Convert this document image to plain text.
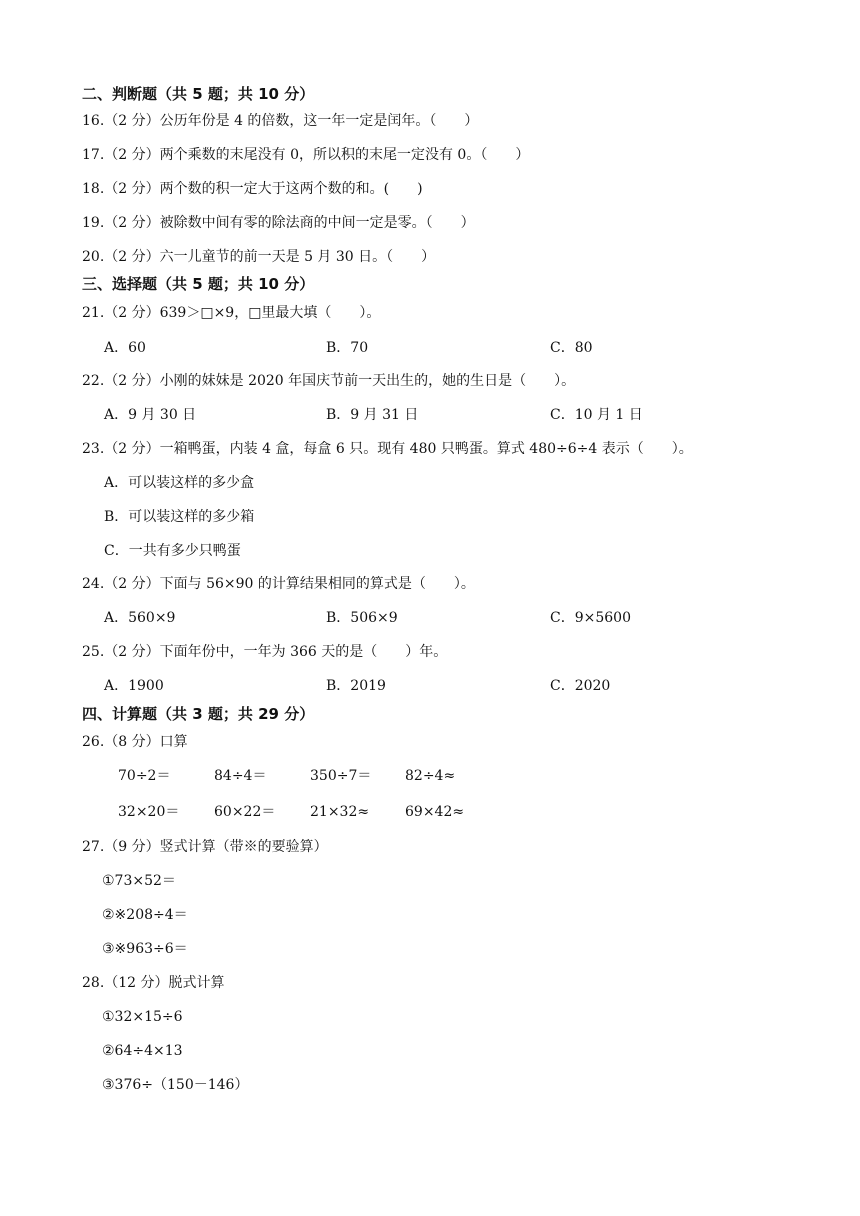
二、判断题（共 5 题；共 10 分）
16.（2 分）公历年份是 4 的倍数，这一年一定是闰年。（　　）
17.（2 分）两个乘数的末尾没有 0，所以积的末尾一定没有 0。（　　）
18.（2 分）两个数的积一定大于这两个数的和。(　　)
19.（2 分）被除数中间有零的除法商的中间一定是零。（　　）
20.（2 分）六一儿童节的前一天是 5 月 30 日。（　　）
三、选择题（共 5 题；共 10 分）
21.（2 分）639＞□×9，□里最大填（　　）。
A．60	B．70	C．80
22.（2 分）小刚的妹妹是 2020 年国庆节前一天出生的，她的生日是（　　）。
A．9 月 30 日	B．9 月 31 日	C．10 月 1 日
23.（2 分）一箱鸭蛋，内装 4 盒，每盒 6 只。现有 480 只鸭蛋。算式 480÷6÷4 表示（　　）。
A．可以装这样的多少盒
B．可以装这样的多少箱
C．一共有多少只鸭蛋
24.（2 分）下面与 56×90 的计算结果相同的算式是（　　）。
A．560×9	B．506×9	C．9×5600
25.（2 分）下面年份中，一年为 366 天的是（　　）年。
A．1900	B．2019	C．2020
四、计算题（共 3 题；共 29 分）
26.（8 分）口算
70÷2＝	84÷4＝	350÷7＝ 82÷4≈
32×20＝ 60×22＝ 21×32≈	69×42≈
27.（9 分）竖式计算（带※的要验算）
①73×52＝
②※208÷4＝
③※963÷6＝
28.（12 分）脱式计算
①32×15÷6
②64÷4×13
③376÷（150－146）
